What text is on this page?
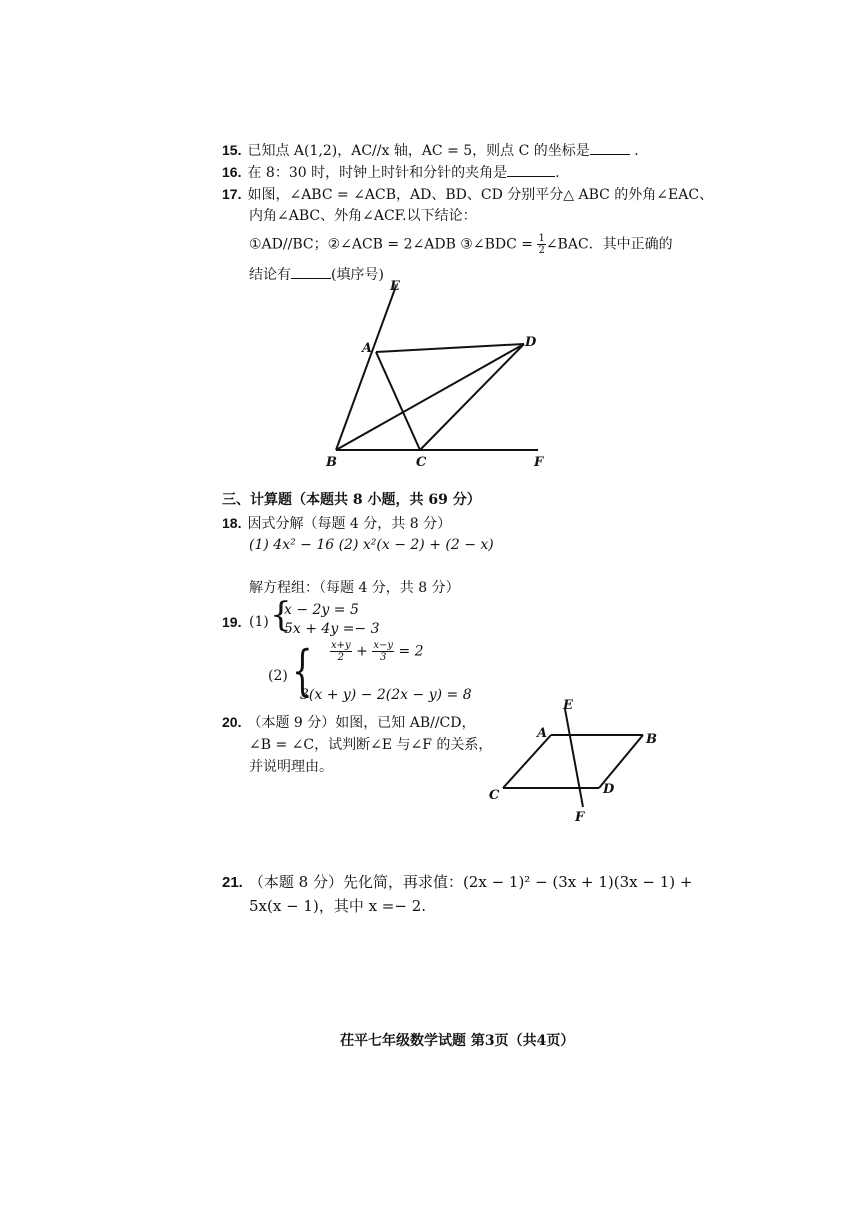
15. 已知点 A(1,2)，AC//x 轴，AC = 5，则点 C 的坐标是	.
16. 在 8：30 时，时钟上时针和分针的夹角是	.
17. 如图，∠ABC = ∠ACB，AD、BD、CD 分别平分△ ABC 的外角∠EAC、
内角∠ABC、外角∠ACF.以下结论：
①AD//BC；②∠ACB = 2∠ADB ③∠BDC = $\frac{1}{2}$ ∠BAC．其中正确的
结论有	(填序号)
E
A	D
B	C	F
三、计算题（本题共 8 小题，共 69 分）
18. 因式分解（每题 4 分，共 8 分）
(1) 4x² − 16 (2) x²(x − 2) + (2 − x)
解方程组：（每题 4 分，共 8 分）
19. (1) {
x − 2y = 5
5x + 4y =− 3
(2) { $\frac{x+y}{2} + \frac{x-y}{3} = 2$
3(x + y) − 2(2x − y) = 8
20. （本题 9 分）如图，已知 AB//CD，
∠B = ∠C，试判断∠E 与∠F 的关系，
并说明理由。
E
A	B
C	D
F
21. （本题 8 分）先化简，再求值：(2x − 1)² − (3x + 1)(3x − 1) +
5x(x − 1)，其中 x =− 2.
茌平七年级数学试题 第3页（共4页）
